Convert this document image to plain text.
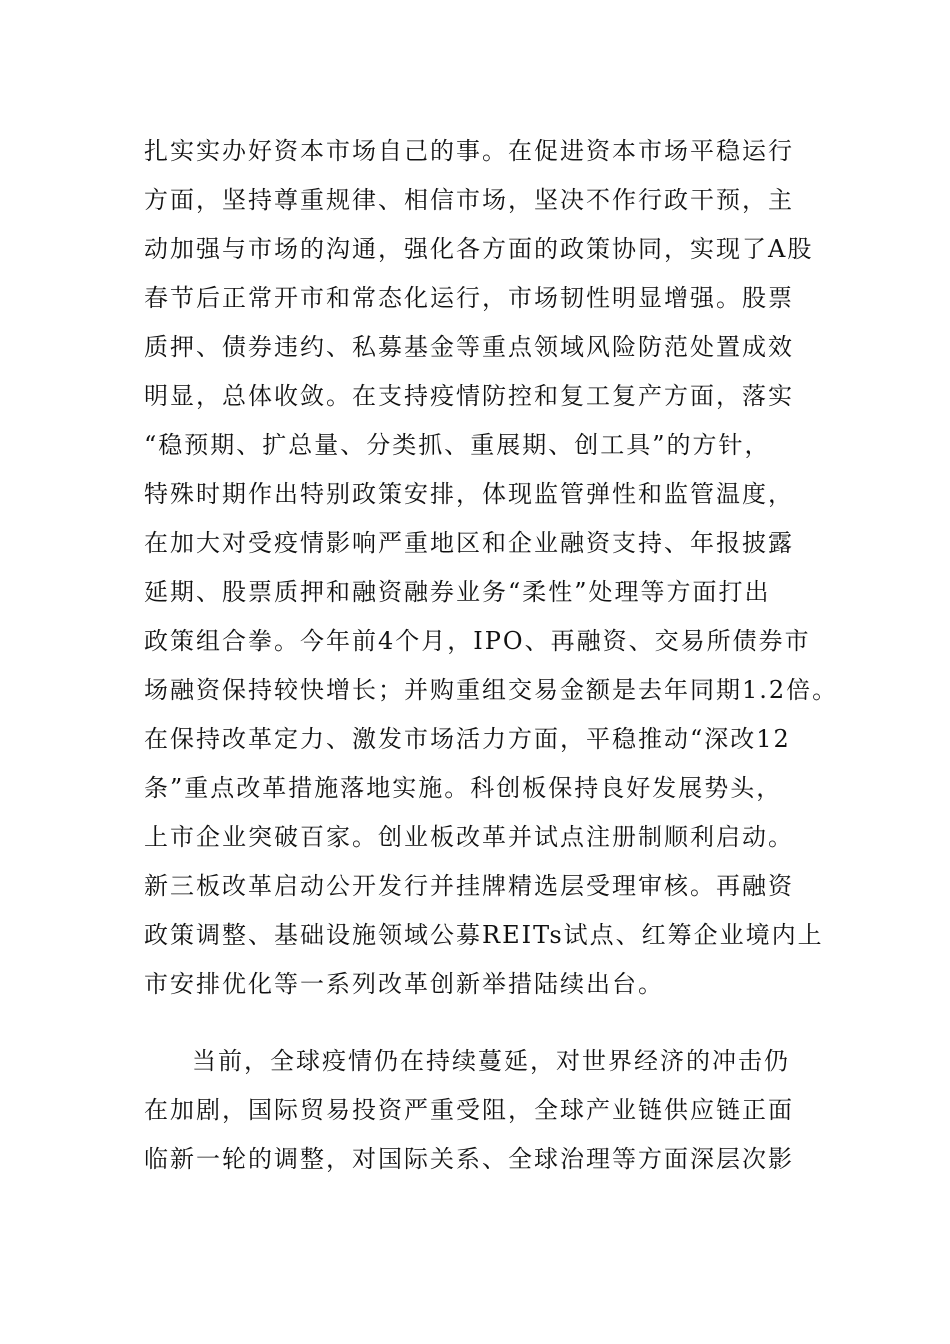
扎实实办好资本市场自己的事。在促进资本市场平稳运行
方面，坚持尊重规律、相信市场，坚决不作行政干预，主
动加强与市场的沟通，强化各方面的政策协同，实现了A股
春节后正常开市和常态化运行，市场韧性明显增强。股票
质押、债券违约、私募基金等重点领域风险防范处置成效
明显，总体收敛。在支持疫情防控和复工复产方面，落实
“稳预期、扩总量、分类抓、重展期、创工具”的方针，
特殊时期作出特别政策安排，体现监管弹性和监管温度，
在加大对受疫情影响严重地区和企业融资支持、年报披露
延期、股票质押和融资融券业务“柔性”处理等方面打出
政策组合拳。今年前4个月，IPO、再融资、交易所债券市
场融资保持较快增长；并购重组交易金额是去年同期1.2倍。
在保持改革定力、激发市场活力方面，平稳推动“深改12
条”重点改革措施落地实施。科创板保持良好发展势头，
上市企业突破百家。创业板改革并试点注册制顺利启动。
新三板改革启动公开发行并挂牌精选层受理审核。再融资
政策调整、基础设施领域公募REITs试点、红筹企业境内上
市安排优化等一系列改革创新举措陆续出台。
当前，全球疫情仍在持续蔓延，对世界经济的冲击仍
在加剧，国际贸易投资严重受阻，全球产业链供应链正面
临新一轮的调整，对国际关系、全球治理等方面深层次影
